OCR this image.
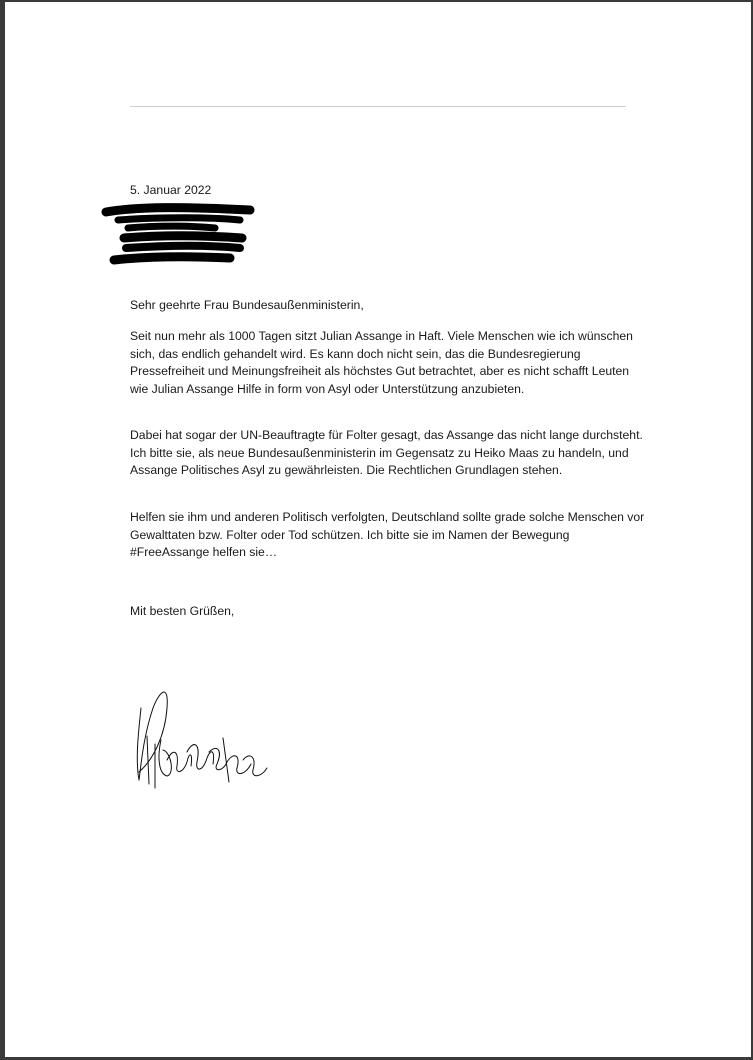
5. Januar 2022
Sehr geehrte Frau Bundesaußenministerin,

Seit nun mehr als 1000 Tagen sitzt Julian Assange in Haft. Viele Menschen wie ich wünschen sich, das endlich gehandelt wird. Es kann doch nicht sein, das die Bundesregierung Pressefreiheit und Meinungsfreiheit als höchstes Gut betrachtet, aber es nicht schafft Leuten wie Julian Assange Hilfe in form von Asyl oder Unterstützung anzubieten.

Dabei hat sogar der UN-Beauftragte für Folter gesagt, das Assange das nicht lange durchsteht.

Ich bitte sie, als neue Bundesaußenministerin im Gegensatz zu Heiko Maas zu handeln, und Assange Politisches Asyl zu gewährleisten. Die Rechtlichen Grundlagen stehen.

Helfen sie ihm und anderen Politisch verfolgten, Deutschland sollte grade solche Menschen vor Gewalttaten bzw. Folter oder Tod schützen. Ich bitte sie im Namen der Bewegung #FreeAssange helfen sie…

Mit besten Grüßen,
